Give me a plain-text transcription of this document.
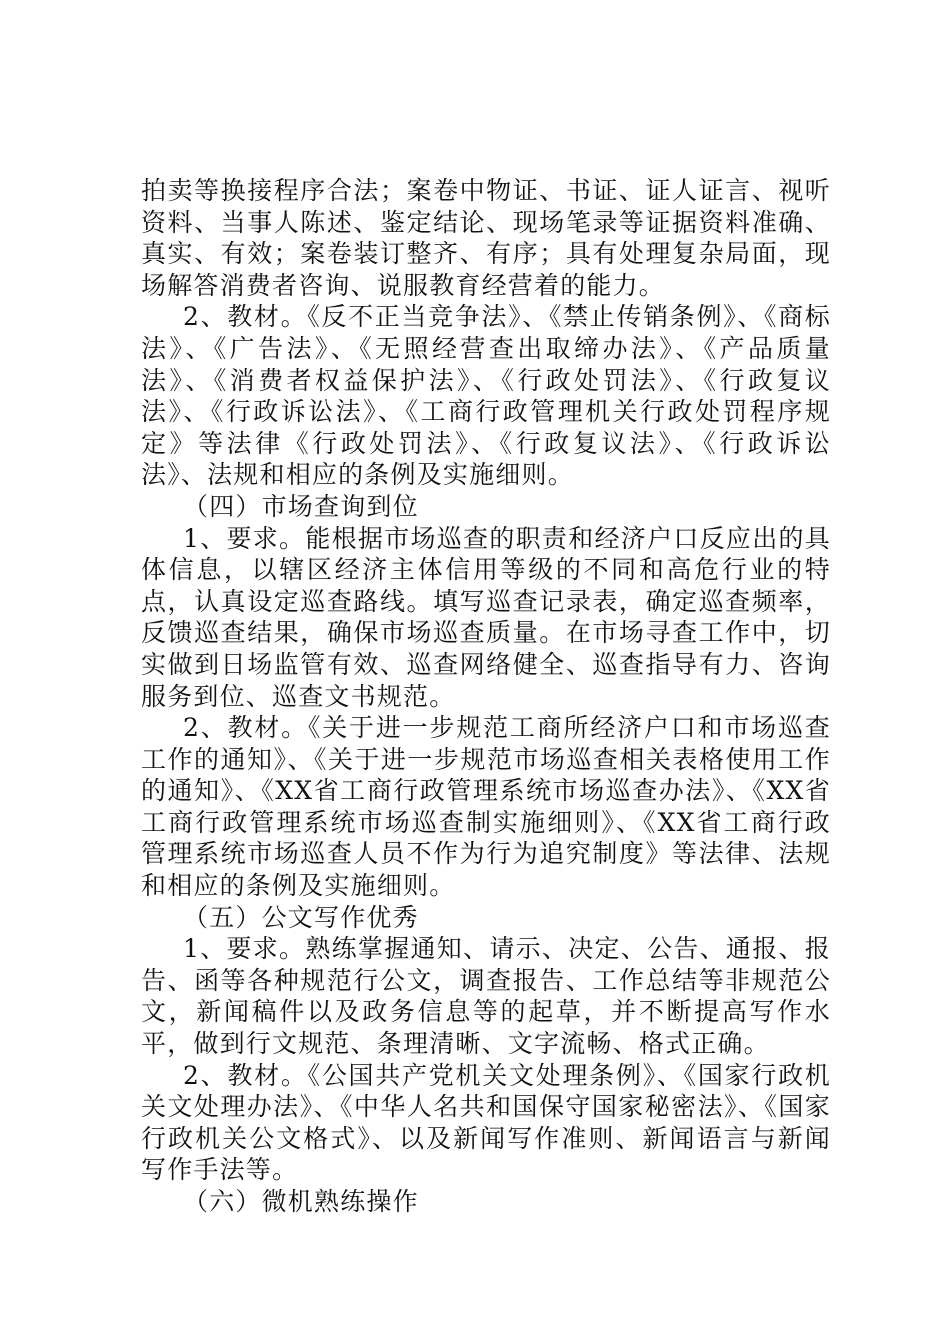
拍卖等换接程序合法；案卷中物证、书证、证人证言、视听资料、当事人陈述、鉴定结论、现场笔录等证据资料准确、真实、有效；案卷装订整齐、有序；具有处理复杂局面，现场解答消费者咨询、说服教育经营着的能力。

2、教材。《反不正当竞争法》、《禁止传销条例》、《商标法》、《广告法》、《无照经营查出取缔办法》、《产品质量法》、《消费者权益保护法》、《行政处罚法》、《行政复议法》、《行政诉讼法》、《工商行政管理机关行政处罚程序规定》等法律《行政处罚法》、《行政复议法》、《行政诉讼法》、法规和相应的条例及实施细则。

（四）市场查询到位

1、要求。能根据市场巡查的职责和经济户口反应出的具体信息，以辖区经济主体信用等级的不同和高危行业的特点，认真设定巡查路线。填写巡查记录表，确定巡查频率，反馈巡查结果，确保市场巡查质量。在市场寻查工作中，切实做到日场监管有效、巡查网络健全、巡查指导有力、咨询服务到位、巡查文书规范。

2、教材。《关于进一步规范工商所经济户口和市场巡查工作的通知》、《关于进一步规范市场巡查相关表格使用工作的通知》、《XX省工商行政管理系统市场巡查办法》、《XX省工商行政管理系统市场巡查制实施细则》、《XX省工商行政管理系统市场巡查人员不作为行为追究制度》等法律、法规和相应的条例及实施细则。

（五）公文写作优秀

1、要求。熟练掌握通知、请示、决定、公告、通报、报告、函等各种规范行公文，调查报告、工作总结等非规范公文，新闻稿件以及政务信息等的起草，并不断提高写作水平，做到行文规范、条理清晰、文字流畅、格式正确。

2、教材。《公国共产党机关文处理条例》、《国家行政机关文处理办法》、《中华人名共和国保守国家秘密法》、《国家行政机关公文格式》、以及新闻写作准则、新闻语言与新闻写作手法等。

（六）微机熟练操作
